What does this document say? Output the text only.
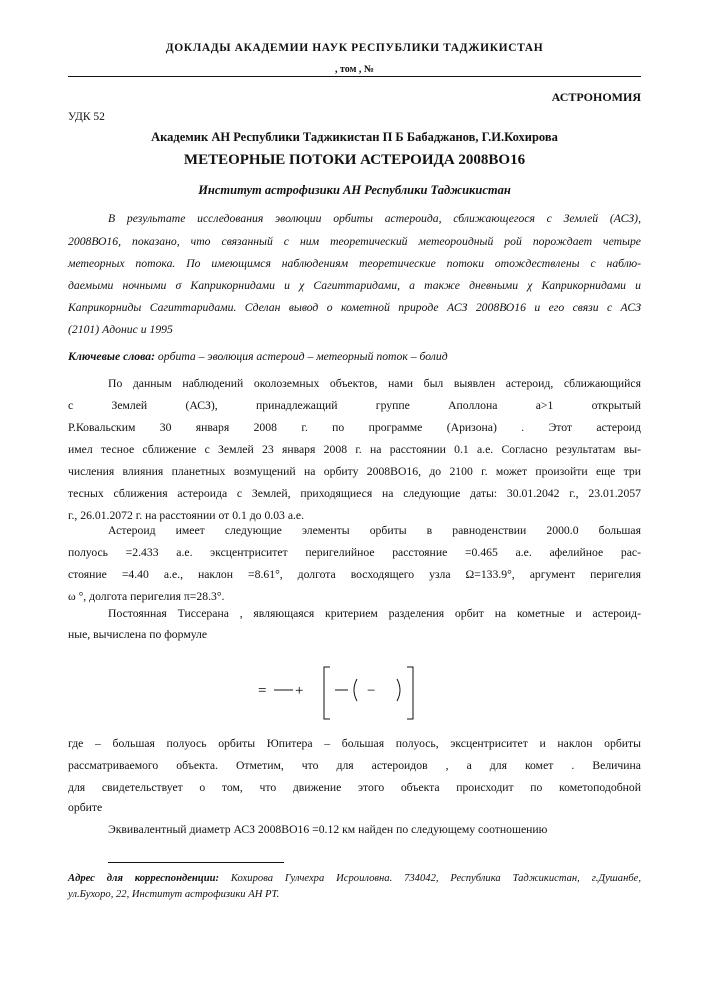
ДОКЛАДЫ АКАДЕМИИ НАУК РЕСПУБЛИКИ ТАДЖИКИСТАН
, том , №
АСТРОНОМИЯ
УДК 52
Академик АН Республики Таджикистан П Б Бабаджанов, Г.И.Кохирова
МЕТЕОРНЫЕ ПОТОКИ АСТЕРОИДА 2008ВО16
Институт астрофизики АН Республики Таджикистан
В результате исследования эволюции орбиты астероида, сближающегося с Землей (АСЗ),
2008ВО16, показано, что связанный с ним теоретический метеороидный рой порождает четыре
метеорных потока. По имеющимся наблюдениям теоретические потоки отождествлены с наблю-
даемыми ночными σ Каприкорнидами и χ Сагиттаридами, а также дневными χ Каприкорнидами и
Каприкорниды Сагиттаридами. Сделан вывод о кометной природе АСЗ 2008ВО16 и его связи с АСЗ
(2101) Адонис и 1995
Ключевые слова: орбита – эволюция астероид – метеорный поток – болид
По данным наблюдений околоземных объектов, нами был выявлен астероид, сближающийся
с Землей (АСЗ), принадлежащий группе Аполлона a>1 открытый
Р.Ковальским 30 января 2008 г. по программе (Аризона) . Этот астероид
имел тесное сближение с Землей 23 января 2008 г. на расстоянии 0.1 а.е. Согласно результатам вы-
числения влияния планетных возмущений на орбиту 2008ВО16, до 2100 г. может произойти еще три
тесных сближения астероида с Землей, приходящиеся на следующие даты: 30.01.2042 г., 23.01.2057
г., 26.01.2072 г. на расстоянии от 0.1 до 0.03 а.е.
Астероид имеет следующие элементы орбиты в равноденствии 2000.0 большая
полуось =2.433 а.е. эксцентриситет перигелийное расстояние =0.465 а.е. афелийное рас-
стояние =4.40 а.е., наклон =8.61°, долгота восходящего узла Ω=133.9°, аргумент перигелия
ω °, долгота перигелия π=28.3°.
Постоянная Тиссерана , являющаяся критерием разделения орбит на кометные и астероид-
ные, вычислена по формуле
= +	−
где – большая полуось орбиты Юпитера – большая полуось, эксцентриситет и наклон орбиты
рассматриваемого объекта. Отметим, что для астероидов , а для комет . Величина
для свидетельствует о том, что движение этого объекта происходит по кометоподобной
орбите
Эквивалентный диаметр АСЗ 2008ВО16 =0.12 км найден по следующему соотношению
Адрес для корреспонденции: Кохирова Гулчехра Исроиловна. 734042, Республика Таджикистан, г.Душанбе,
ул.Бухоро, 22, Институт астрофизики АН РТ.
